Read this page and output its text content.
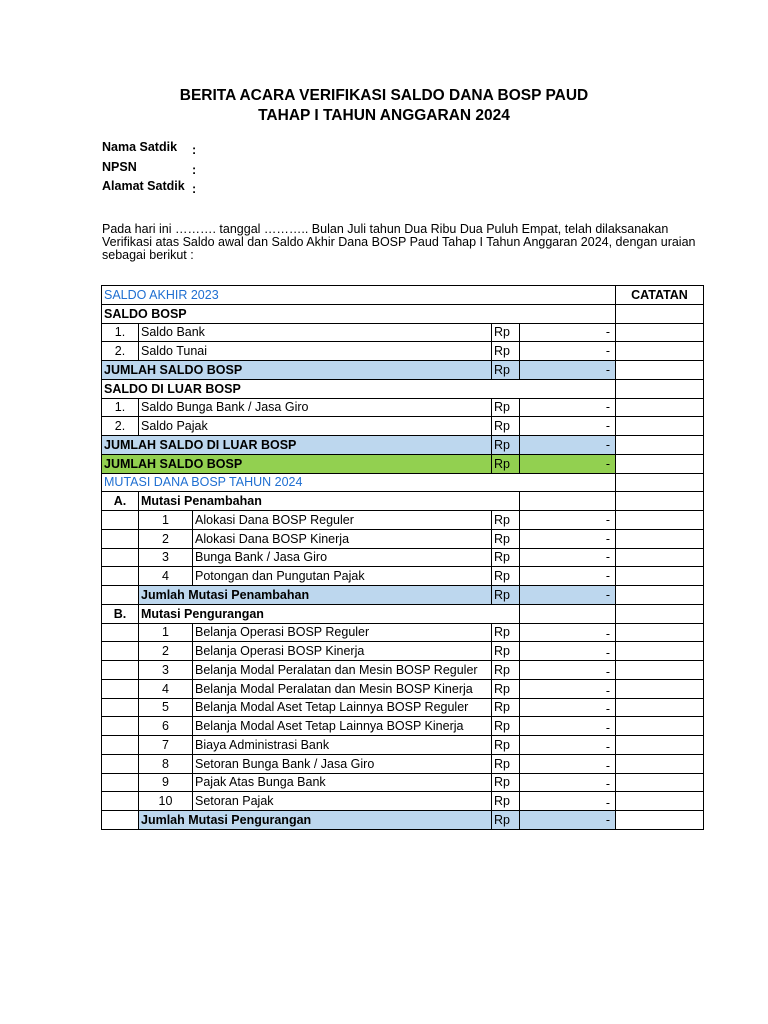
BERITA ACARA VERIFIKASI SALDO DANA BOSP PAUD
TAHAP I TAHUN ANGGARAN 2024
Nama Satdik :
NPSN	:
Alamat Satdik :
Pada hari ini ………. tanggal ……….. Bulan Juli tahun Dua Ribu Dua Puluh Empat, telah dilaksanakan Verifikasi atas Saldo awal dan Saldo Akhir Dana BOSP Paud Tahap I Tahun Anggaran 2024, dengan uraian sebagai berikut :
SALDO AKHIR 2023					CATATAN
SALDO BOSP					
1.	Saldo Bank		Rp	-	
2.	Saldo Tunai		Rp	-	
JUMLAH SALDO BOSP			Rp	-	
SALDO DI LUAR BOSP					
1.	Saldo Bunga Bank / Jasa Giro		Rp	-	
2.	Saldo Pajak		Rp	-	
JUMLAH SALDO DI LUAR BOSP			Rp	-	
JUMLAH SALDO BOSP			Rp	-	
MUTASI DANA BOSP TAHUN 2024					
A.	Mutasi Penambahan				
	1	Alokasi Dana BOSP Reguler	Rp	-	
	2	Alokasi Dana BOSP Kinerja	Rp	-	
	3	Bunga Bank / Jasa Giro	Rp	-	
	4	Potongan dan Pungutan Pajak	Rp	-	
	Jumlah Mutasi Penambahan		Rp	-	
B.	Mutasi Pengurangan				
	1	Belanja Operasi BOSP Reguler	Rp	-	
	2	Belanja Operasi BOSP Kinerja	Rp	-	
	3	Belanja Modal Peralatan dan Mesin BOSP Reguler	Rp	-	
	4	Belanja Modal Peralatan dan Mesin BOSP Kinerja	Rp	-	
	5	Belanja Modal Aset Tetap Lainnya BOSP Reguler	Rp	-	
	6	Belanja Modal Aset Tetap Lainnya BOSP Kinerja	Rp	-	
	7	Biaya Administrasi Bank	Rp	-	
	8	Setoran Bunga Bank / Jasa Giro	Rp	-	
	9	Pajak Atas Bunga Bank	Rp	-	
	10	Setoran Pajak	Rp	-	
	Jumlah Mutasi Pengurangan		Rp	-	
